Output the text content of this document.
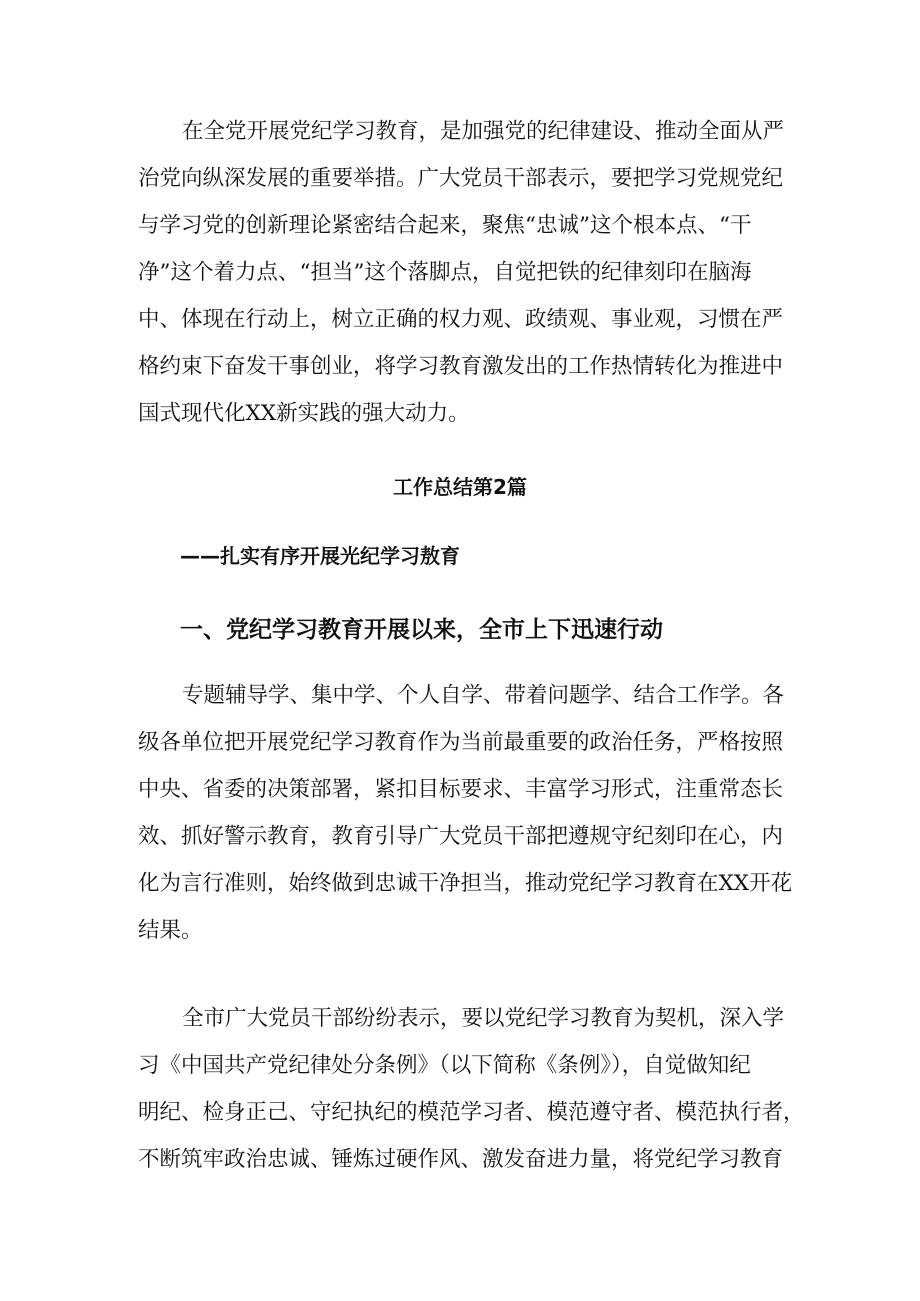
在全党开展党纪学习教育，是加强党的纪律建设、推动全面从严
治党向纵深发展的重要举措。广大党员干部表示，要把学习党规党纪
与学习党的创新理论紧密结合起来，聚焦“忠诚”这个根本点、“干
净”这个着力点、“担当”这个落脚点，自觉把铁的纪律刻印在脑海
中、体现在行动上，树立正确的权力观、政绩观、事业观，习惯在严
格约束下奋发干事创业，将学习教育激发出的工作热情转化为推进中
国式现代化XX新实践的强大动力。
工作总结第2篇
——扎实有序开展光纪学习敖育
一、党纪学习教育开展以来，全市上下迅速行动
专题辅导学、集中学、个人自学、带着问题学、结合工作学。各
级各单位把开展党纪学习教育作为当前最重要的政治任务，严格按照
中央、省委的决策部署，紧扣目标要求、丰富学习形式，注重常态长
效、抓好警示教育，教育引导广大党员干部把遵规守纪刻印在心，内
化为言行准则，始终做到忠诚干净担当，推动党纪学习教育在XX开花
结果。
全市广大党员干部纷纷表示，要以党纪学习教育为契机，深入学
习《中国共产党纪律处分条例》（以下简称《条例》），自觉做知纪
明纪、检身正己、守纪执纪的模范学习者、模范遵守者、模范执行者，
不断筑牢政治忠诚、锤炼过硬作风、激发奋进力量，将党纪学习教育
